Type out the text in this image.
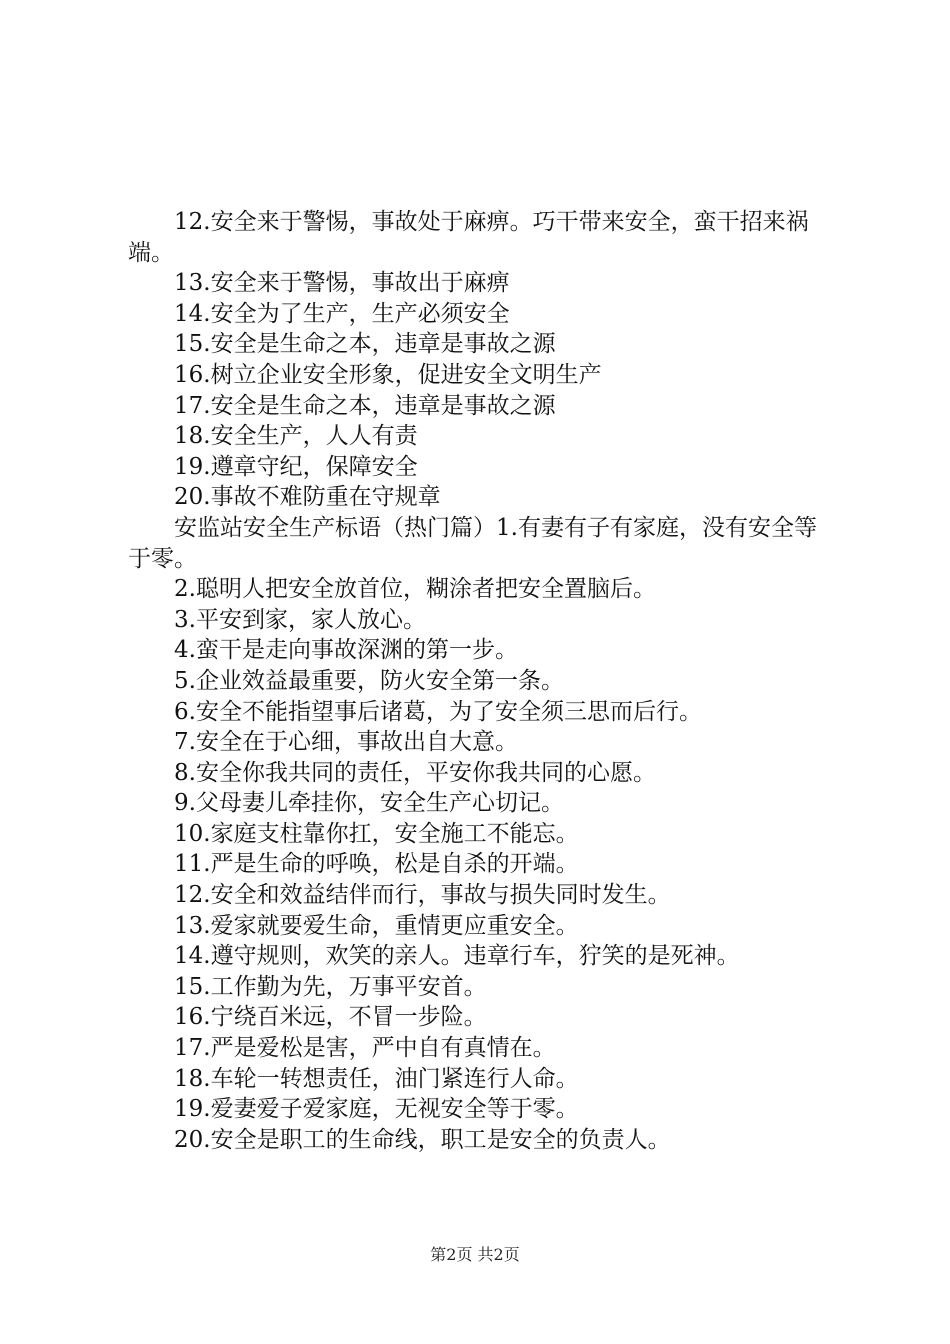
12.安全来于警惕，事故处于麻痹。巧干带来安全，蛮干招来祸端。

13.安全来于警惕，事故出于麻痹

14.安全为了生产，生产必须安全

15.安全是生命之本，违章是事故之源

16.树立企业安全形象，促进安全文明生产

17.安全是生命之本，违章是事故之源

18.安全生产，人人有责

19.遵章守纪，保障安全

20.事故不难防重在守规章

安监站安全生产标语（热门篇）1.有妻有子有家庭，没有安全等于零。

2.聪明人把安全放首位，糊涂者把安全置脑后。

3.平安到家，家人放心。

4.蛮干是走向事故深渊的第一步。

5.企业效益最重要，防火安全第一条。

6.安全不能指望事后诸葛，为了安全须三思而后行。

7.安全在于心细，事故出自大意。

8.安全你我共同的责任，平安你我共同的心愿。

9.父母妻儿牵挂你，安全生产心切记。

10.家庭支柱靠你扛，安全施工不能忘。

11.严是生命的呼唤，松是自杀的开端。

12.安全和效益结伴而行，事故与损失同时发生。

13.爱家就要爱生命，重情更应重安全。

14.遵守规则，欢笑的亲人。违章行车，狞笑的是死神。

15.工作勤为先，万事平安首。

16.宁绕百米远，不冒一步险。

17.严是爱松是害，严中自有真情在。

18.车轮一转想责任，油门紧连行人命。

19.爱妻爱子爱家庭，无视安全等于零。

20.安全是职工的生命线，职工是安全的负责人。

第2页 共2页
